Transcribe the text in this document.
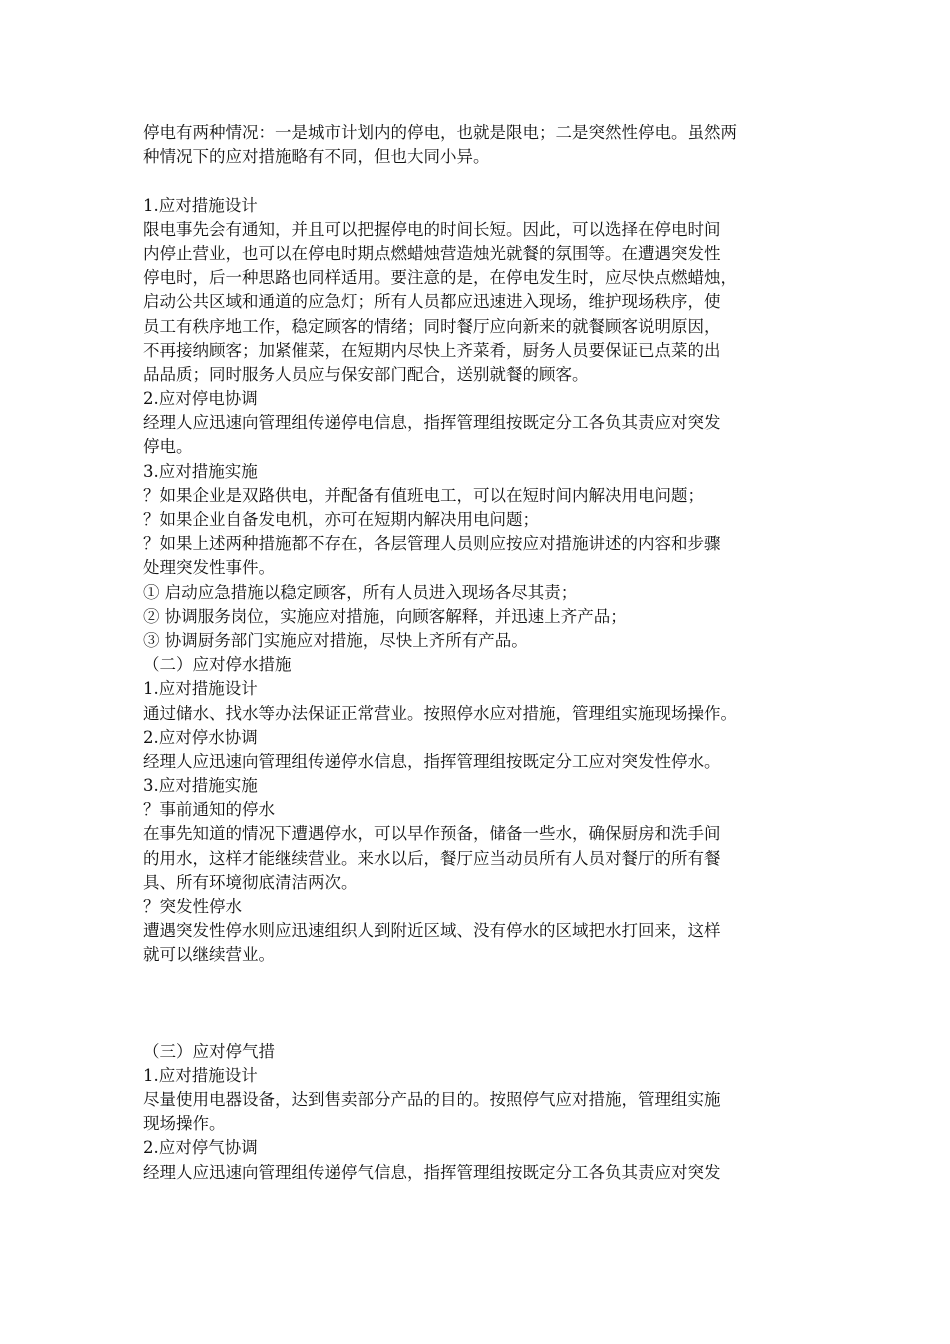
停电有两种情况：一是城市计划内的停电，也就是限电；二是突然性停电。虽然两
种情况下的应对措施略有不同，但也大同小异。
1.应对措施设计
限电事先会有通知，并且可以把握停电的时间长短。因此，可以选择在停电时间
内停止营业，也可以在停电时期点燃蜡烛营造烛光就餐的氛围等。在遭遇突发性
停电时，后一种思路也同样适用。要注意的是，在停电发生时，应尽快点燃蜡烛，
启动公共区域和通道的应急灯；所有人员都应迅速进入现场，维护现场秩序，使
员工有秩序地工作，稳定顾客的情绪；同时餐厅应向新来的就餐顾客说明原因，
不再接纳顾客；加紧催菜，在短期内尽快上齐菜肴，厨务人员要保证已点菜的出
品品质；同时服务人员应与保安部门配合，送别就餐的顾客。
2.应对停电协调
经理人应迅速向管理组传递停电信息，指挥管理组按既定分工各负其责应对突发
停电。
3.应对措施实施
？如果企业是双路供电，并配备有值班电工，可以在短时间内解决用电问题；
？如果企业自备发电机，亦可在短期内解决用电问题；
？如果上述两种措施都不存在，各层管理人员则应按应对措施讲述的内容和步骤
处理突发性事件。
① 启动应急措施以稳定顾客，所有人员进入现场各尽其责；
② 协调服务岗位，实施应对措施，向顾客解释，并迅速上齐产品；
③ 协调厨务部门实施应对措施，尽快上齐所有产品。
（二）应对停水措施
1.应对措施设计
通过储水、找水等办法保证正常营业。按照停水应对措施，管理组实施现场操作。
2.应对停水协调
经理人应迅速向管理组传递停水信息，指挥管理组按既定分工应对突发性停水。
3.应对措施实施
？事前通知的停水
在事先知道的情况下遭遇停水，可以早作预备，储备一些水，确保厨房和洗手间
的用水，这样才能继续营业。来水以后，餐厅应当动员所有人员对餐厅的所有餐
具、所有环境彻底清洁两次。
？突发性停水
遭遇突发性停水则应迅速组织人到附近区域、没有停水的区域把水打回来，这样
就可以继续营业。
（三）应对停气措
1.应对措施设计
尽量使用电器设备，达到售卖部分产品的目的。按照停气应对措施，管理组实施
现场操作。
2.应对停气协调
经理人应迅速向管理组传递停气信息，指挥管理组按既定分工各负其责应对突发
